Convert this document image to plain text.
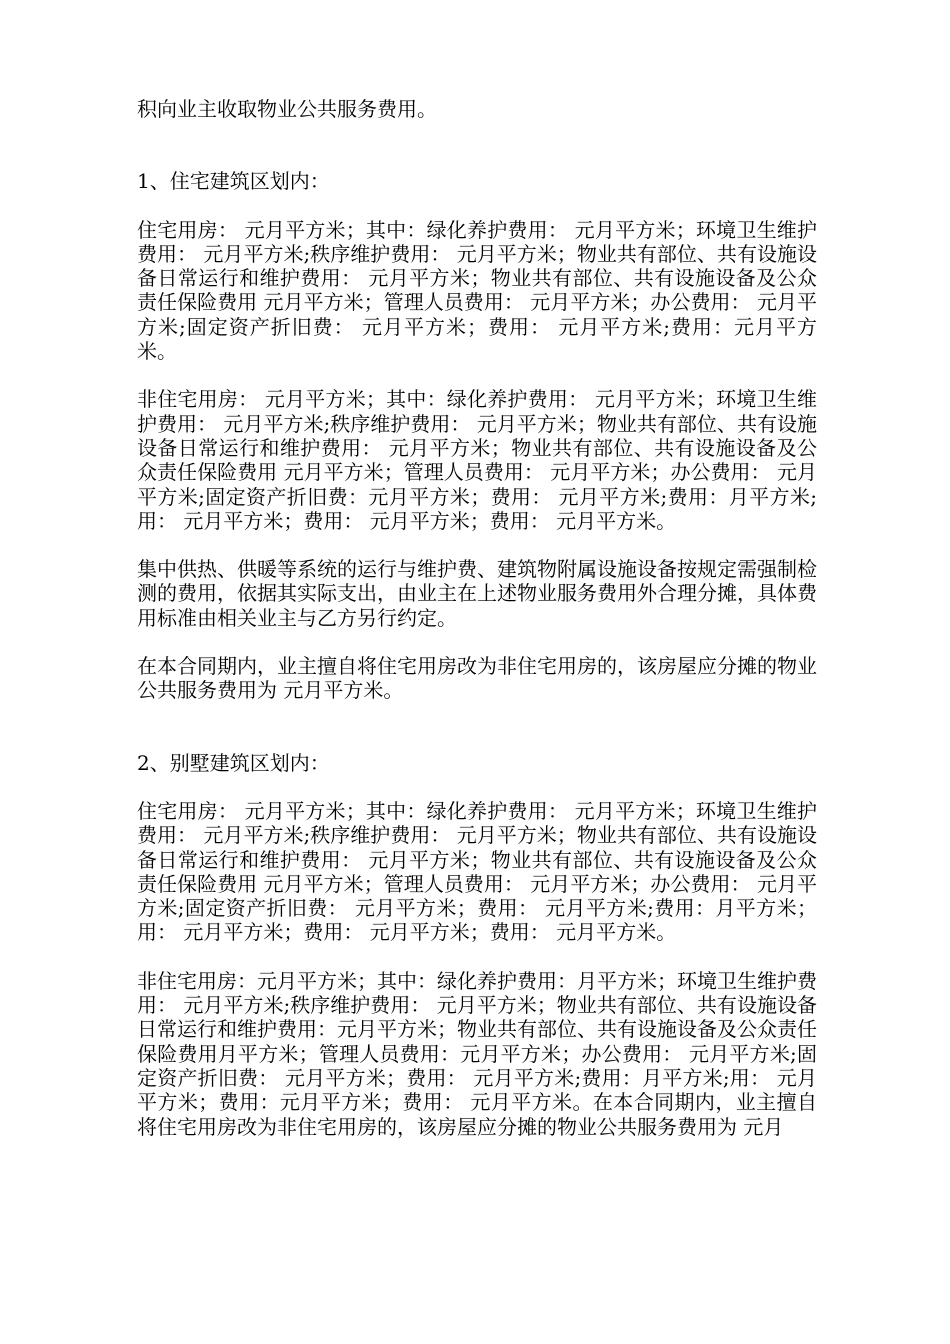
积向业主收取物业公共服务费用。

1、住宅建筑区划内：

住宅用房： 元月平方米；其中：绿化养护费用： 元月平方米；环境卫生维护费用： 元月平方米;秩序维护费用： 元月平方米；物业共有部位、共有设施设备日常运行和维护费用： 元月平方米；物业共有部位、共有设施设备及公众责任保险费用 元月平方米；管理人员费用： 元月平方米；办公费用： 元月平方米;固定资产折旧费： 元月平方米；费用： 元月平方米;费用：元月平方米。

非住宅用房： 元月平方米；其中：绿化养护费用： 元月平方米；环境卫生维护费用： 元月平方米;秩序维护费用： 元月平方米；物业共有部位、共有设施设备日常运行和维护费用： 元月平方米；物业共有部位、共有设施设备及公众责任保险费用 元月平方米；管理人员费用： 元月平方米；办公费用： 元月平方米;固定资产折旧费：元月平方米；费用： 元月平方米;费用：月平方米;用： 元月平方米；费用： 元月平方米；费用： 元月平方米。

集中供热、供暖等系统的运行与维护费、建筑物附属设施设备按规定需强制检测的费用，依据其实际支出，由业主在上述物业服务费用外合理分摊，具体费用标准由相关业主与乙方另行约定。

在本合同期内，业主擅自将住宅用房改为非住宅用房的，该房屋应分摊的物业公共服务费用为 元月平方米。

2、别墅建筑区划内：

住宅用房： 元月平方米；其中：绿化养护费用： 元月平方米；环境卫生维护费用： 元月平方米;秩序维护费用： 元月平方米；物业共有部位、共有设施设备日常运行和维护费用： 元月平方米；物业共有部位、共有设施设备及公众责任保险费用 元月平方米；管理人员费用： 元月平方米；办公费用： 元月平方米;固定资产折旧费： 元月平方米；费用： 元月平方米;费用：月平方米；用： 元月平方米；费用： 元月平方米；费用： 元月平方米。

非住宅用房：元月平方米；其中：绿化养护费用：月平方米；环境卫生维护费用： 元月平方米;秩序维护费用： 元月平方米；物业共有部位、共有设施设备日常运行和维护费用：元月平方米；物业共有部位、共有设施设备及公众责任保险费用月平方米；管理人员费用：元月平方米；办公费用： 元月平方米;固定资产折旧费： 元月平方米；费用： 元月平方米;费用：月平方米;用： 元月平方米；费用：元月平方米；费用： 元月平方米。在本合同期内，业主擅自将住宅用房改为非住宅用房的，该房屋应分摊的物业公共服务费用为 元月
